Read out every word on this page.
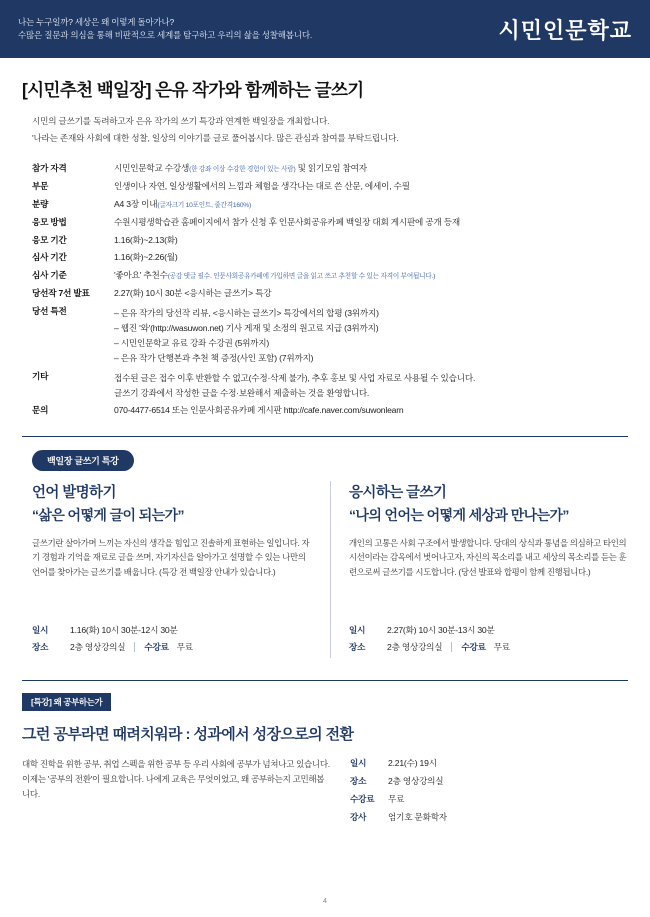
나는 누구일까? 세상은 왜 이렇게 돌아가나?
수많은 질문과 의심을 통해 비판적으로 세계를 탐구하고 우리의 삶을 성찰해봅니다.	시민인문학교
[시민추천 백일장] 은유 작가와 함께하는 글쓰기

시민의 글쓰기를 독려하고자 은유 작가의 쓰기 특강과 연계한 백일장을 개최합니다.

'나라는 존재와 사회에 대한 성찰, 일상의 이야기를 글로 풀어봅시다. 많은 관심과 참여를 부탁드립니다.

참가 자격	시민인문학교 수강생(한 강좌 이상 수강한 경험이 있는 사람) 및 읽기모임 참여자
부문	인생이나 자연, 일상생활에서의 느낌과 체험을 생각나는 대로 쓴 산문, 에세이, 수필
분량	A4 3장 이내(글자크기 10포인트, 줄간격160%)
응모 방법	수원시평생학습관 홈페이지에서 참가 신청 후 인문사회공유카페 백일장 대회 게시판에 공개 등재
응모 기간	1.16(화)~2.13(화)
심사 기간	1.16(화)~2.26(월)
심사 기준	'좋아요' 추천수(공감 댓글 필수. 인문사회공유카페에 가입하면 글을 읽고 쓰고 추천할 수 있는 자격이 부여됩니다.)
당선작 7선 발표	2.27(화) 10시 30분 <응시하는 글쓰기> 특강
당선 특전	– 은유 작가의 당선작 리뷰, <응시하는 글쓰기> 특강에서의 합평 (3위까지)
– 웹진 '와'(http://wasuwon.net) 기사 게재 및 소정의 원고료 지급 (3위까지)
– 시민인문학교 유료 강좌 수강권 (5위까지)
– 은유 작가 단행본과 추천 책 증정(사인 포함) (7위까지)

기타	접수된 글은 접수 이후 반환할 수 없고(수정·삭제 불가), 추후 홍보 및 사업 자료로 사용될 수 있습니다.
글쓰기 강좌에서 작성한 글을 수정·보완해서 제출하는 것을 환영합니다.

문의	070-4477-6514 또는 인문사회공유카페 게시판 http://cafe.naver.com/suwonlearn
백일장 글쓰기 특강
언어 발명하기
“삶은 어떻게 글이 되는가”
글쓰기란 살아가며 느끼는 자신의 생각을 힘입고 진솔하게 표현하는 일입니다. 자기 경험과 기억을 재료로 글을 쓰며, 자기자신을 알아가고 설명할 수 있는 나만의 언어를 찾아가는 글쓰기를 배웁니다. (특강 전 백일장 안내가 있습니다.)
일시	1.16(화) 10시 30분-12시 30분
장소	2층 영상강의실 수강료 무료
응시하는 글쓰기
“나의 언어는 어떻게 세상과 만나는가”
개인의 고통은 사회 구조에서 발생합니다. 당대의 상식과 통념을 의심하고 타인의 시선이라는 감옥에서 벗어나고자, 자신의 목소리를 내고 세상의 목소리를 듣는 훈련으로써 글쓰기를 시도합니다. (당선 발표와 합평이 함께 진행됩니다.)
일시	2.27(화) 10시 30분-13시 30분
장소	2층 영상강의실 수강료 무료
[특강] 왜 공부하는가
그런 공부라면 때려치워라 : 성과에서 성장으로의 전환
대학 진학을 위한 공부, 취업 스펙을 위한 공부 등 우리 사회에 공부가 넘쳐나고 있습니다. 이제는 '공부의 전환'이 필요합니다. 나에게 교육은 무엇이었고, 왜 공부하는지 고민해봅니다.
일시	2.21(수) 19시
장소	2층 영상강의실
수강료	무료
강사	엄기호 문화학자
4
